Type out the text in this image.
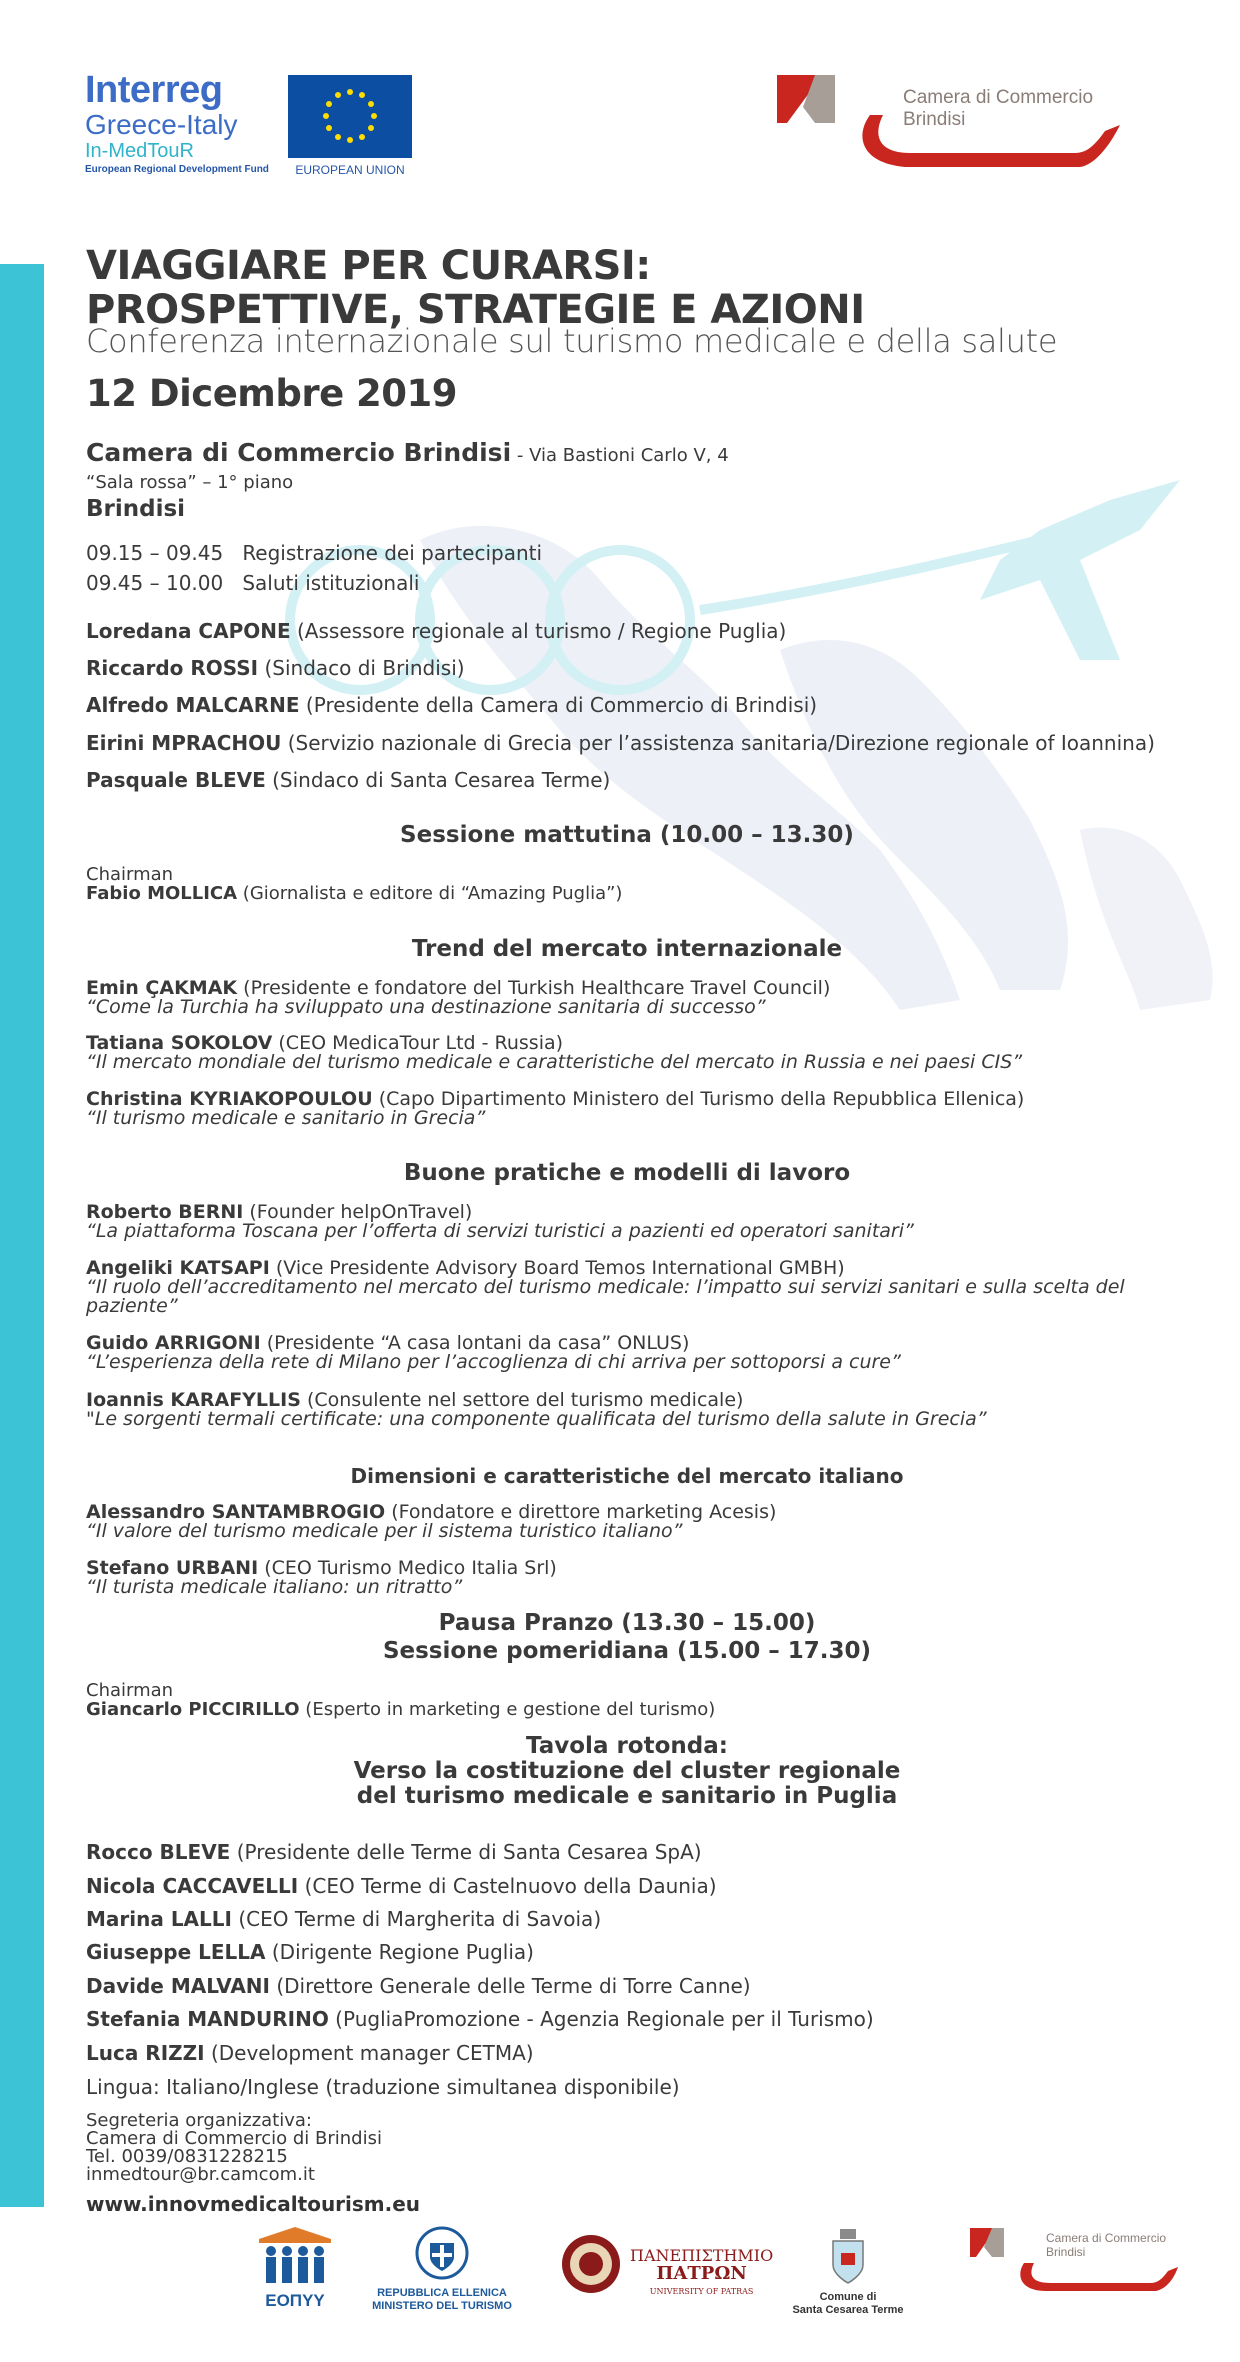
Interreg
Greece-Italy
In-MedTouR
European Regional Development Fund	EUROPEAN UNION
Camera di Commercio
Brindisi
VIAGGIARE PER CURARSI:
PROSPETTIVE, STRATEGIE E AZIONI
Conferenza internazionale sul turismo medicale e della salute
12 Dicembre 2019
Camera di Commercio Brindisi - Via Bastioni Carlo V, 4
“Sala rossa” – 1° piano
Brindisi
09.15 – 09.45 Registrazione dei partecipanti
09.45 – 10.00 Saluti istituzionali
Loredana CAPONE (Assessore regionale al turismo / Regione Puglia)
Riccardo ROSSI (Sindaco di Brindisi)
Alfredo MALCARNE (Presidente della Camera di Commercio di Brindisi)
Eirini MPRACHOU (Servizio nazionale di Grecia per l’assistenza sanitaria/Direzione regionale of Ioannina)
Pasquale BLEVE (Sindaco di Santa Cesarea Terme)
Sessione mattutina (10.00 – 13.30)
Chairman
Fabio MOLLICA (Giornalista e editore di “Amazing Puglia”)
Trend del mercato internazionale
Emin ÇAKMAK (Presidente e fondatore del Turkish Healthcare Travel Council)
“Come la Turchia ha sviluppato una destinazione sanitaria di successo”
Tatiana SOKOLOV (CEO MedicaTour Ltd - Russia)
“Il mercato mondiale del turismo medicale e caratteristiche del mercato in Russia e nei paesi CIS”
Christina KYRIAKOPOULOU (Capo Dipartimento Ministero del Turismo della Repubblica Ellenica)
“Il turismo medicale e sanitario in Grecia”
Buone pratiche e modelli di lavoro
Roberto BERNI (Founder helpOnTravel)
“La piattaforma Toscana per l’offerta di servizi turistici a pazienti ed operatori sanitari”
Angeliki KATSAPI (Vice Presidente Advisory Board Temos International GMBH)
“Il ruolo dell’accreditamento nel mercato del turismo medicale: l’impatto sui servizi sanitari e sulla scelta del paziente”
Guido ARRIGONI (Presidente “A casa lontani da casa” ONLUS)
“L’esperienza della rete di Milano per l’accoglienza di chi arriva per sottoporsi a cure”
Ioannis KARAFYLLIS (Consulente nel settore del turismo medicale)
"Le sorgenti termali certificate: una componente qualificata del turismo della salute in Grecia”
Dimensioni e caratteristiche del mercato italiano
Alessandro SANTAMBROGIO (Fondatore e direttore marketing Acesis)
“Il valore del turismo medicale per il sistema turistico italiano”
Stefano URBANI (CEO Turismo Medico Italia Srl)
“Il turista medicale italiano: un ritratto”
Pausa Pranzo (13.30 – 15.00)
Sessione pomeridiana (15.00 – 17.30)
Chairman
Giancarlo PICCIRILLO (Esperto in marketing e gestione del turismo)
Tavola rotonda:
Verso la costituzione del cluster regionale
del turismo medicale e sanitario in Puglia
Rocco BLEVE (Presidente delle Terme di Santa Cesarea SpA)
Nicola CACCAVELLI (CEO Terme di Castelnuovo della Daunia)
Marina LALLI (CEO Terme di Margherita di Savoia)
Giuseppe LELLA (Dirigente Regione Puglia)
Davide MALVANI (Direttore Generale delle Terme di Torre Canne)
Stefania MANDURINO (PugliaPromozione - Agenzia Regionale per il Turismo)
Luca RIZZI (Development manager CETMA)
Lingua: Italiano/Inglese (traduzione simultanea disponibile)
Segreteria organizzativa:
Camera di Commercio di Brindisi
Tel. 0039/0831228215
inmedtour@br.camcom.it
www.innovmedicaltourism.eu
ΕΟΠΥΥ	REPUBBLICA ELLENICA
MINISTERO DEL TURISMO
ΠΑΝΕΠΙΣΤΗΜΙΟ
ΠΑΤΡΩΝ
UNIVERSITY OF PATRAS	Comune di
Santa Cesarea Terme
Camera di Commercio
Brindisi
